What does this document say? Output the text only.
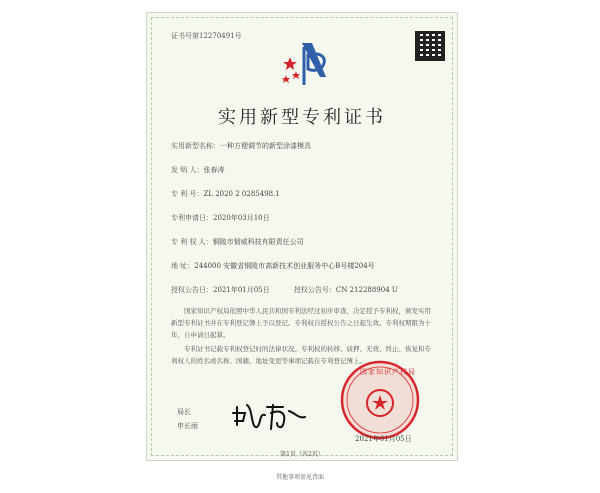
证书号第12270491号
实用新型专利证书
实用新型名称：一种方便调节的新型涂漆模具
发 明 人：张春涛
专 利 号：ZL 2020 2 0285498.1
专利申请日：2020年03月10日
专 利 权 人：铜陵市韧威科技有限责任公司
地 址：244000 安徽省铜陵市高新技术创业服务中心B号楼204号
授权公告日：2021年01月05日	授权公告号：CN 212288904 U
国家知识产权局依照中华人民共和国专利法经过初步审查，决定授予专利权，颁发实用新型专利证书并在专利登记簿上予以登记。专利权自授权公告之日起生效。专利权期限为十年，自申请日起算。
专利证书记载专利权登记时的法律状况。专利权的转移、质押、无效、终止、恢复和专利权人的姓名或名称、国籍、地址变更等事项记载在专利登记簿上。
局长
申长雨
国家知识产权局
2021年01月05日
第1页（共2页）
其他事项参见背面
